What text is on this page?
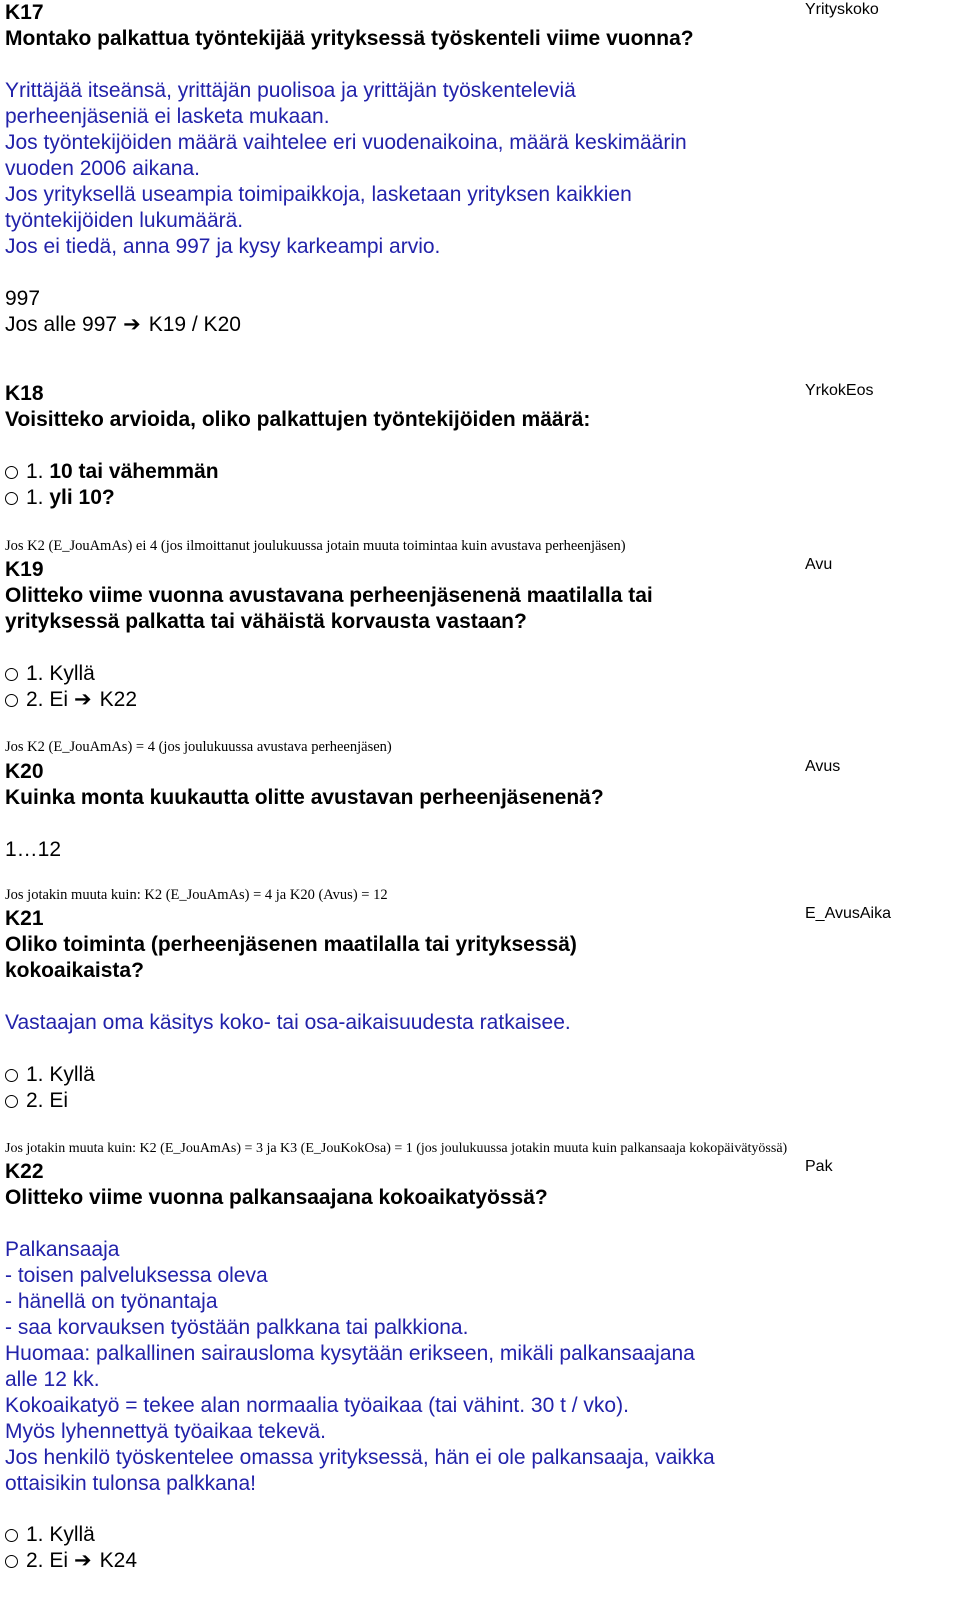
K17	Yrityskoko
Montako palkattua työntekijää yrityksessä työskenteli viime vuonna?
Yrittäjää itseänsä, yrittäjän puolisoa ja yrittäjän työskenteleviä
perheenjäseniä ei lasketa mukaan.
Jos työntekijöiden määrä vaihtelee eri vuodenaikoina, määrä keskimäärin
vuoden 2006 aikana.
Jos yrityksellä useampia toimipaikkoja, lasketaan yrityksen kaikkien
työntekijöiden lukumäärä.
Jos ei tiedä, anna 997 ja kysy karkeampi arvio.
997
Jos alle 997 ➔ K19 / K20
K18	YrkokEos
Voisitteko arvioida, oliko palkattujen työntekijöiden määrä:
1. 10 tai vähemmän
1. yli 10?
Jos K2 (E_JouAmAs) ei 4 (jos ilmoittanut joulukuussa jotain muuta toimintaa kuin avustava perheenjäsen)
K19	Avu
Olitteko viime vuonna avustavana perheenjäsenenä maatilalla tai
yrityksessä palkatta tai vähäistä korvausta vastaan?
1. Kyllä
2. Ei ➔ K22
Jos K2 (E_JouAmAs) = 4 (jos joulukuussa avustava perheenjäsen)
K20	Avus
Kuinka monta kuukautta olitte avustavan perheenjäsenenä?
1…12
Jos jotakin muuta kuin: K2 (E_JouAmAs) = 4 ja K20 (Avus) = 12
K21	E_AvusAika
Oliko toiminta (perheenjäsenen maatilalla tai yrityksessä)
kokoaikaista?
Vastaajan oma käsitys koko- tai osa-aikaisuudesta ratkaisee.
1. Kyllä
2. Ei
Jos jotakin muuta kuin: K2 (E_JouAmAs) = 3 ja K3 (E_JouKokOsa) = 1 (jos joulukuussa jotakin muuta kuin palkansaaja kokopäivätyössä)
K22	Pak
Olitteko viime vuonna palkansaajana kokoaikatyössä?
Palkansaaja
- toisen palveluksessa oleva
- hänellä on työnantaja
- saa korvauksen työstään palkkana tai palkkiona.
Huomaa: palkallinen sairausloma kysytään erikseen, mikäli palkansaajana
alle 12 kk.
Kokoaikatyö = tekee alan normaalia työaikaa (tai vähint. 30 t / vko).
Myös lyhennettyä työaikaa tekevä.
Jos henkilö työskentelee omassa yrityksessä, hän ei ole palkansaaja, vaikka
ottaisikin tulonsa palkkana!
1. Kyllä
2. Ei ➔ K24
